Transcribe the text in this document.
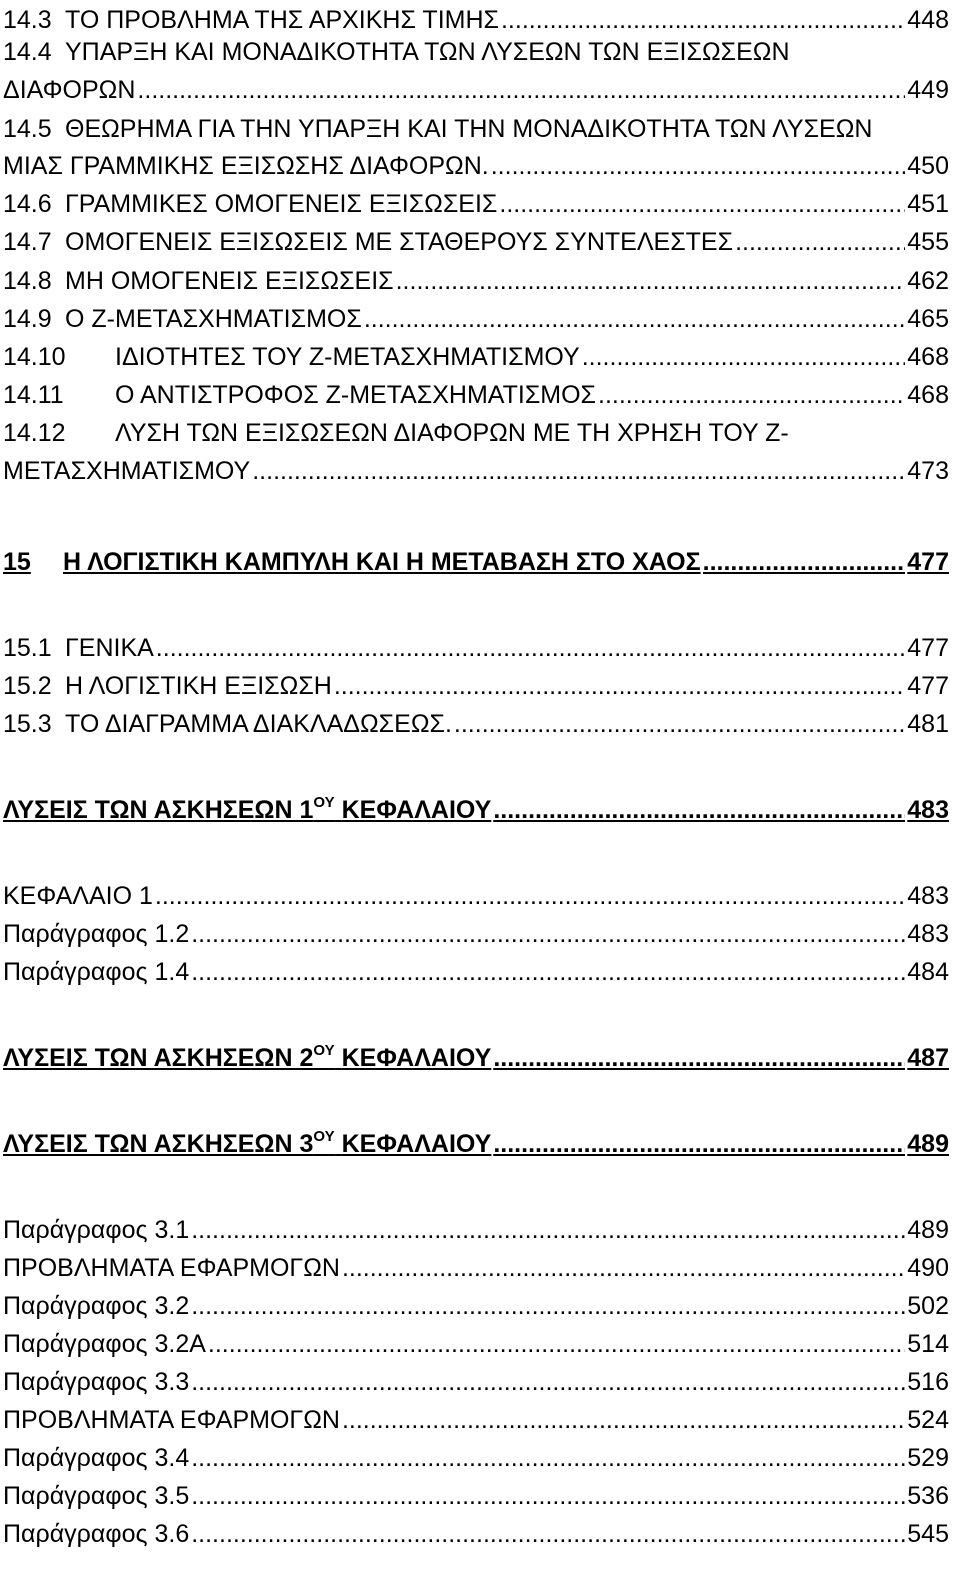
14.3 ΤΟ ΠΡΟΒΛΗΜΑ ΤΗΣ ΑΡΧΙΚΗΣ ΤΙΜΗΣ .....	448
14.4 ΥΠΑΡΞΗ ΚΑΙ ΜΟΝΑΔΙΚΟΤΗΤΑ ΤΩΝ ΛΥΣΕΩΝ ΤΩΝ ΕΞΙΣΩΣΕΩΝ
ΔΙΑΦΟΡΩΝ .....	449
14.5 ΘΕΩΡΗΜΑ ΓΙΑ ΤΗΝ ΥΠΑΡΞΗ ΚΑΙ ΤΗΝ ΜΟΝΑΔΙΚΟΤΗΤΑ ΤΩΝ ΛΥΣΕΩΝ
ΜΙΑΣ ΓΡΑΜΜΙΚΗΣ ΕΞΙΣΩΣΗΣ ΔΙΑΦΟΡΩΝ. .....	450
14.6 ΓΡΑΜΜΙΚΕΣ ΟΜΟΓΕΝΕΙΣ ΕΞΙΣΩΣΕΙΣ .....	451
14.7 ΟΜΟΓΕΝΕΙΣ ΕΞΙΣΩΣΕΙΣ ΜΕ ΣΤΑΘΕΡΟΥΣ ΣΥΝΤΕΛΕΣΤΕΣ .....	455
14.8 ΜΗ ΟΜΟΓΕΝΕΙΣ ΕΞΙΣΩΣΕΙΣ .....	462
14.9 Ο Z-ΜΕΤΑΣΧΗΜΑΤΙΣΜΟΣ .....	465
14.10	ΙΔΙΟΤΗΤΕΣ ΤΟΥ Z-ΜΕΤΑΣΧΗΜΑΤΙΣΜΟΥ .....	468
14.11	Ο ΑΝΤΙΣΤΡΟΦΟΣ Z-ΜΕΤΑΣΧΗΜΑΤΙΣΜΟΣ .....	468
14.12	ΛΥΣΗ ΤΩΝ ΕΞΙΣΩΣΕΩΝ ΔΙΑΦΟΡΩΝ ΜΕ ΤΗ ΧΡΗΣΗ ΤΟΥ Z-
ΜΕΤΑΣΧΗΜΑΤΙΣΜΟΥ .....	473
15	Η ΛΟΓΙΣΤΙΚΗ ΚΑΜΠΥΛΗ ΚΑΙ Η ΜΕΤΑΒΑΣΗ ΣΤΟ ΧΑΟΣ .....	477
15.1 ΓΕΝΙΚΑ .....	477
15.2 Η ΛΟΓΙΣΤΙΚΗ ΕΞΙΣΩΣΗ .....	477
15.3 ΤΟ ΔΙΑΓΡΑΜΜΑ ΔΙΑΚΛΑΔΩΣΕΩΣ. .....	481
ΛΥΣΕΙΣ ΤΩΝ ΑΣΚΗΣΕΩΝ $1^{O\Upsilon}$ ΚΕΦΑΛΑΙΟΥ .....	483
ΚΕΦΑΛΑΙΟ 1 .....	483
Παράγραφος 1.2 .....	483
Παράγραφος 1.4 .....	484
ΛΥΣΕΙΣ ΤΩΝ ΑΣΚΗΣΕΩΝ $2^{O\Upsilon}$ ΚΕΦΑΛΑΙΟΥ .....	487
ΛΥΣΕΙΣ ΤΩΝ ΑΣΚΗΣΕΩΝ $3^{O\Upsilon}$ ΚΕΦΑΛΑΙΟΥ .....	489
Παράγραφος 3.1 .....	489
ΠΡΟΒΛΗΜΑΤΑ ΕΦΑΡΜΟΓΩΝ .....	490
Παράγραφος 3.2 .....	502
Παράγραφος 3.2Α .....	514
Παράγραφος 3.3 .....	516
ΠΡΟΒΛΗΜΑΤΑ ΕΦΑΡΜΟΓΩΝ .....	524
Παράγραφος 3.4 .....	529
Παράγραφος 3.5 .....	536
Παράγραφος 3.6 .....	545
